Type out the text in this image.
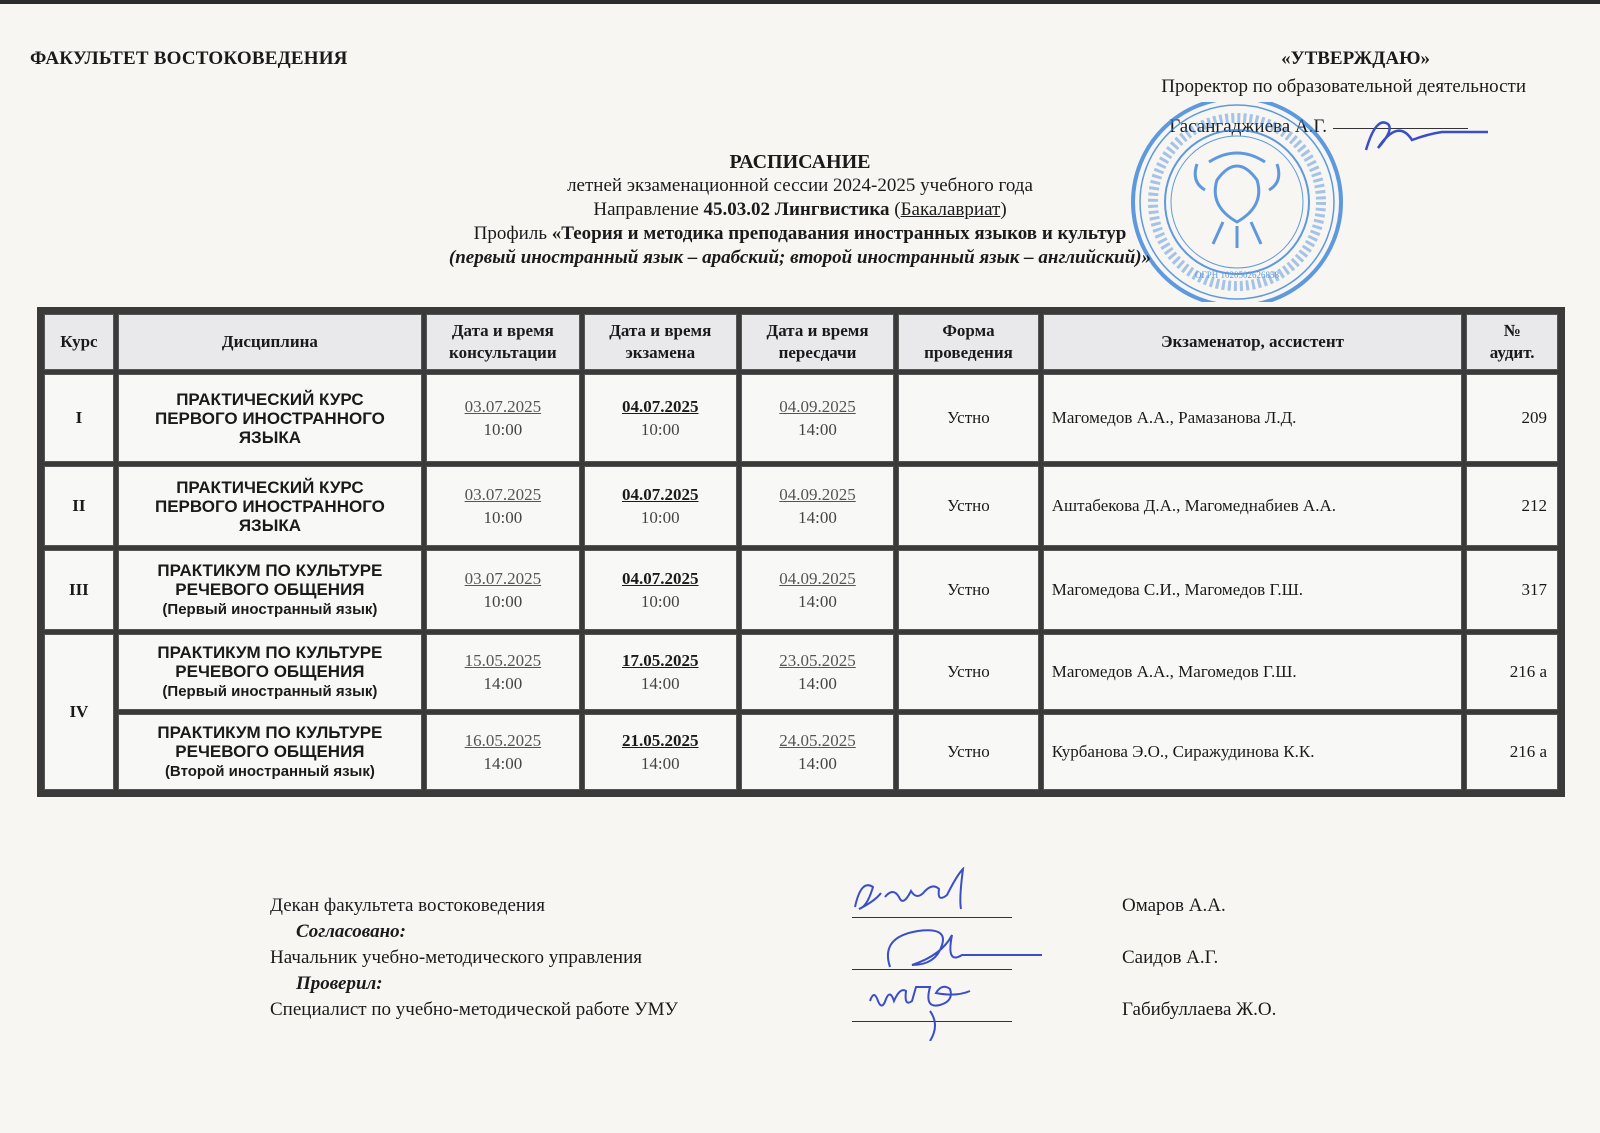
ФАКУЛЬТЕТ ВОСТОКОВЕДЕНИЯ	«УТВЕРЖДАЮ»
Проректор по образовательной деятельности
Гасангаджиева А.Г.
ОГРН 1020502626858
РАСПИСАНИЕ
летней экзаменационной сессии 2024-2025 учебного года
Направление 45.03.02 Лингвистика (Бакалавриат)
Профиль «Теория и методика преподавания иностранных языков и культур
(первый иностранный язык – арабский; второй иностранный язык – английский)»
Курс	Дисциплина	Дата и время
консультации	Дата и время
экзамена	Дата и время
пересдачи	Форма
проведения	Экзаменатор, ассистент	№
аудит.
I	ПРАКТИЧЕСКИЙ КУРС
ПЕРВОГО ИНОСТРАННОГО
ЯЗЫКА	03.07.2025
10:00	04.07.2025
10:00	04.09.2025
14:00	Устно	Магомедов А.А., Рамазанова Л.Д.	209
II	ПРАКТИЧЕСКИЙ КУРС
ПЕРВОГО ИНОСТРАННОГО
ЯЗЫКА	03.07.2025
10:00	04.07.2025
10:00	04.09.2025
14:00	Устно	Аштабекова Д.А., Магомеднабиев А.А.	212
III	ПРАКТИКУМ ПО КУЛЬТУРЕ
РЕЧЕВОГО ОБЩЕНИЯ
(Первый иностранный язык)	03.07.2025
10:00	04.07.2025
10:00	04.09.2025
14:00	Устно	Магомедова С.И., Магомедов Г.Ш.	317
IV	ПРАКТИКУМ ПО КУЛЬТУРЕ
РЕЧЕВОГО ОБЩЕНИЯ
(Первый иностранный язык)	15.05.2025
14:00	17.05.2025
14:00	23.05.2025
14:00	Устно	Магомедов А.А., Магомедов Г.Ш.	216 а
	ПРАКТИКУМ ПО КУЛЬТУРЕ
РЕЧЕВОГО ОБЩЕНИЯ
(Второй иностранный язык)	16.05.2025
14:00	21.05.2025
14:00	24.05.2025
14:00	Устно	Курбанова Э.О., Сиражудинова К.К.	216 а
Декан факультета востоковедения	Омаров А.А.
Согласовано:
Начальник учебно-методического управления	Саидов А.Г.
Проверил:
Специалист по учебно-методической работе УМУ	Габибуллаева Ж.О.
